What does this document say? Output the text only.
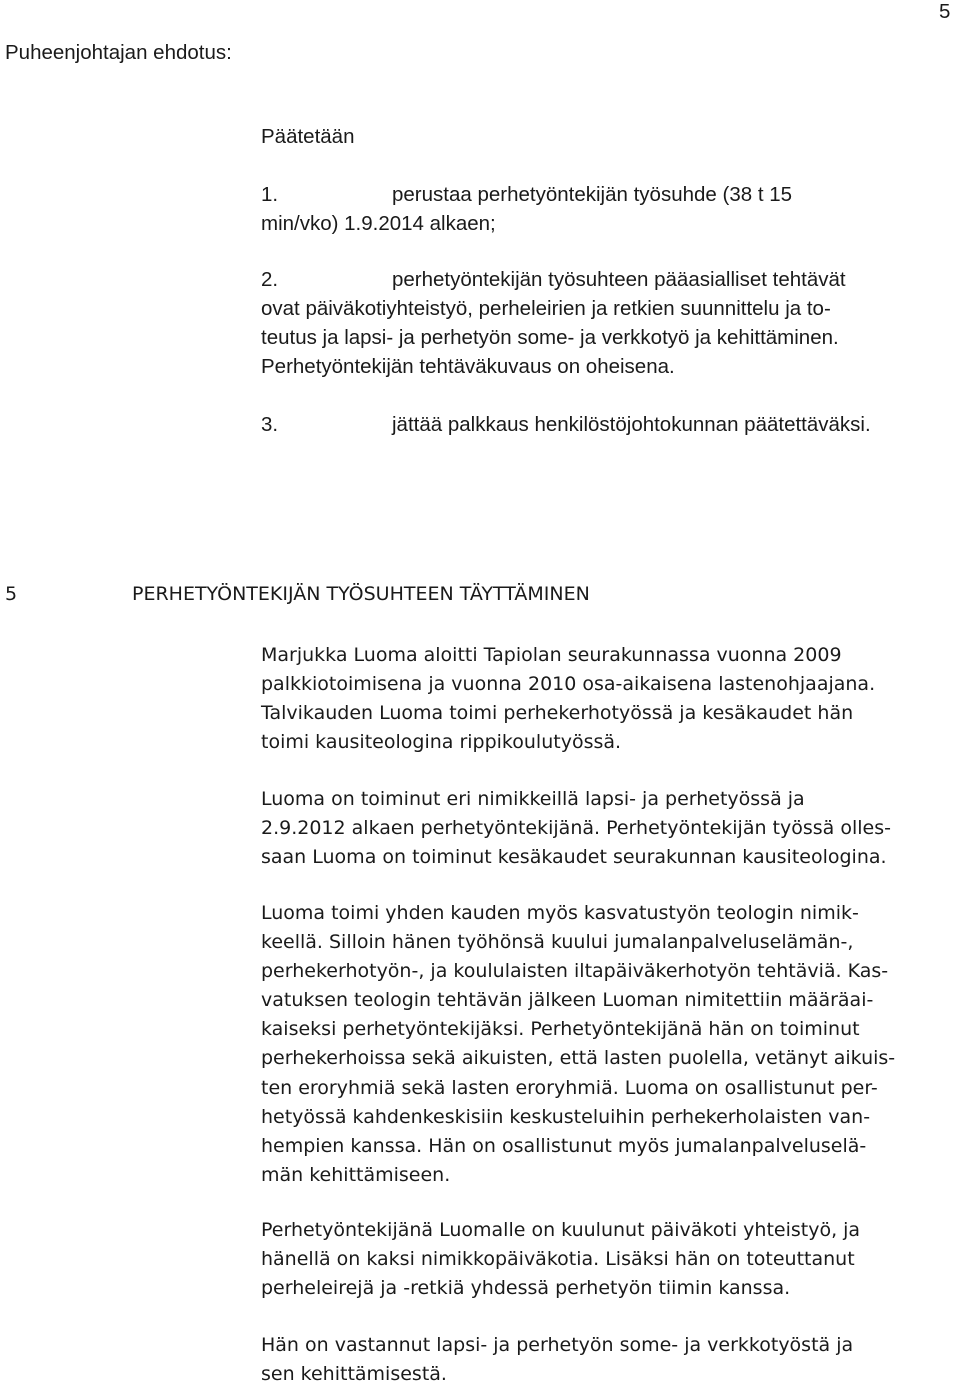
5
Puheenjohtajan ehdotus:
Päätetään
1.	perustaa perhetyöntekijän työsuhde (38 t 15
min/vko) 1.9.2014 alkaen;
2.	perhetyöntekijän työsuhteen pääasialliset tehtävät
ovat päiväkotiyhteistyö, perheleirien ja retkien suunnittelu ja to-
teutus ja lapsi- ja perhetyön some- ja verkkotyö ja kehittäminen.
Perhetyöntekijän tehtäväkuvaus on oheisena.
3.	jättää palkkaus henkilöstöjohtokunnan päätettäväksi.
5	PERHETYÖNTEKIJÄN TYÖSUHTEEN TÄYTTÄMINEN
Marjukka Luoma aloitti Tapiolan seurakunnassa vuonna 2009
palkkiotoimisena ja vuonna 2010 osa-aikaisena lastenohjaajana.
Talvikauden Luoma toimi perhekerhotyössä ja kesäkaudet hän
toimi kausiteologina rippikoulutyössä.
Luoma on toiminut eri nimikkeillä lapsi- ja perhetyössä ja
2.9.2012 alkaen perhetyöntekijänä. Perhetyöntekijän työssä olles-
saan Luoma on toiminut kesäkaudet seurakunnan kausiteologina.
Luoma toimi yhden kauden myös kasvatustyön teologin nimik-
keellä. Silloin hänen työhönsä kuului jumalanpalveluselämän-,
perhekerhotyön-, ja koululaisten iltapäiväkerhotyön tehtäviä. Kas-
vatuksen teologin tehtävän jälkeen Luoman nimitettiin määräai-
kaiseksi perhetyöntekijäksi. Perhetyöntekijänä hän on toiminut
perhekerhoissa sekä aikuisten, että lasten puolella, vetänyt aikuis-
ten eroryhmiä sekä lasten eroryhmiä. Luoma on osallistunut per-
hetyössä kahdenkeskisiin keskusteluihin perhekerholaisten van-
hempien kanssa. Hän on osallistunut myös jumalanpalveluselä-
män kehittämiseen.
Perhetyöntekijänä Luomalle on kuulunut päiväkoti yhteistyö, ja
hänellä on kaksi nimikkopäiväkotia. Lisäksi hän on toteuttanut
perheleirejä ja -retkiä yhdessä perhetyön tiimin kanssa.
Hän on vastannut lapsi- ja perhetyön some- ja verkkotyöstä ja
sen kehittämisestä.
